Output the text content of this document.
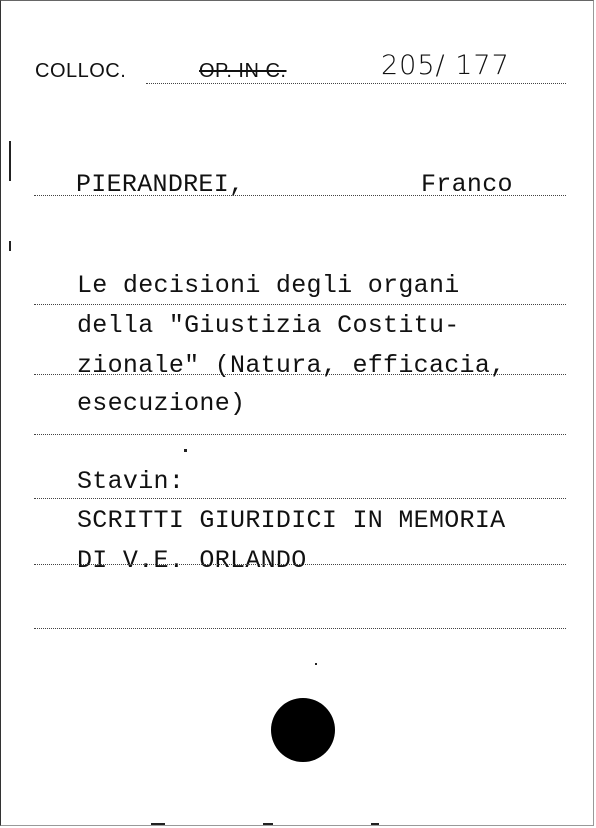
COLLOC.	OP. IN C.	205/ 177
PIERANDREI,	Franco
Le decisioni degli organi
della "Giustizia Costitu-
zionale" (Natura, efficacia,
esecuzione)
Stavin:
SCRITTI GIURIDICI IN MEMORIA
DI V.E. ORLANDO
